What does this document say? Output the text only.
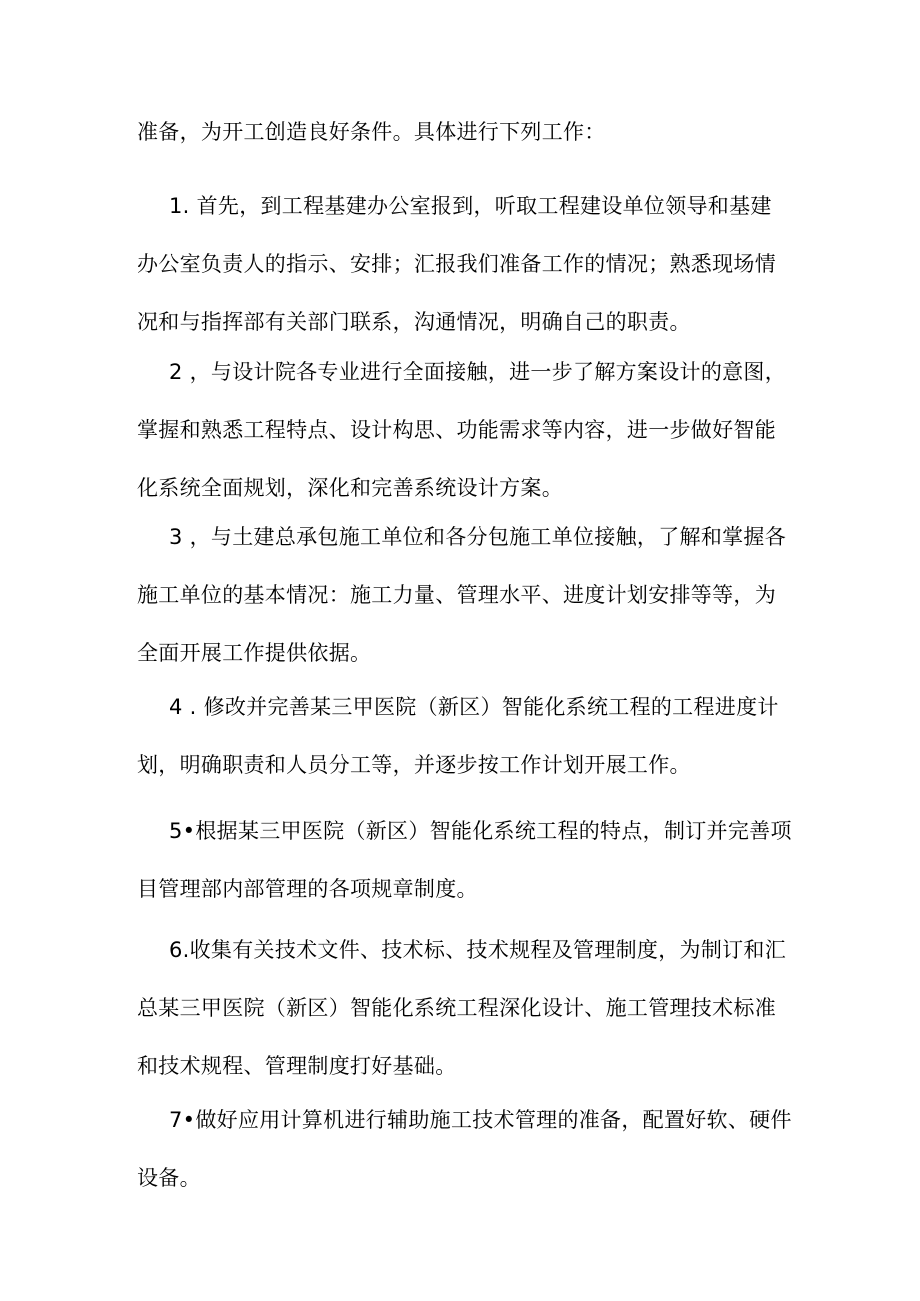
准备，为开工创造良好条件。具体进行下列工作：
1. 首先，到工程基建办公室报到，听取工程建设单位领导和基建
办公室负责人的指示、安排；汇报我们准备工作的情况；熟悉现场情
况和与指挥部有关部门联系，沟通情况，明确自己的职责。
2 ，与设计院各专业进行全面接触，进一步了解方案设计的意图，
掌握和熟悉工程特点、设计构思、功能需求等内容，进一步做好智能
化系统全面规划，深化和完善系统设计方案。
3 ，与土建总承包施工单位和各分包施工单位接触，了解和掌握各
施工单位的基本情况：施工力量、管理水平、进度计划安排等等，为
全面开展工作提供依据。
4 . 修改并完善某三甲医院（新区）智能化系统工程的工程进度计
划，明确职责和人员分工等，并逐步按工作计划开展工作。
5•根据某三甲医院（新区）智能化系统工程的特点，制订并完善项
目管理部内部管理的各项规章制度。
6.收集有关技术文件、技术标、技术规程及管理制度，为制订和汇
总某三甲医院（新区）智能化系统工程深化设计、施工管理技术标准
和技术规程、管理制度打好基础。
7•做好应用计算机进行辅助施工技术管理的准备，配置好软、硬件
设备。
